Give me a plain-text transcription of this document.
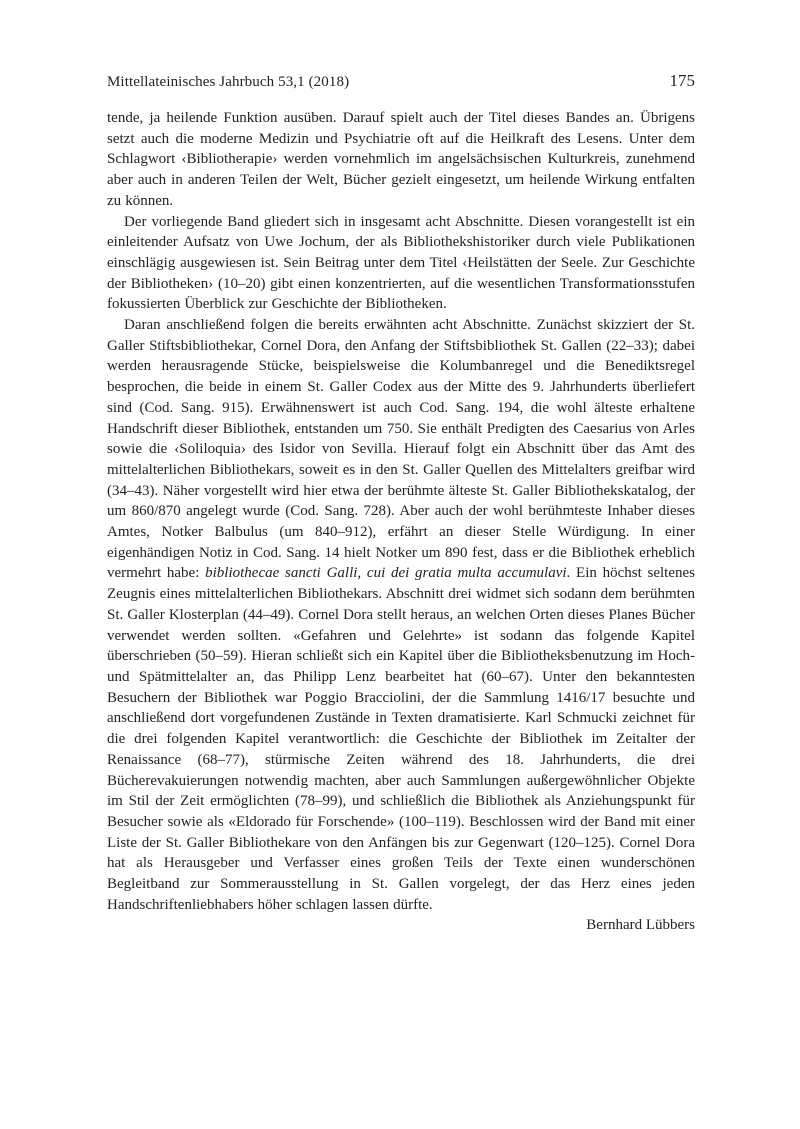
Mittellateinisches Jahrbuch 53,1 (2018)	175

tende, ja heilende Funktion ausüben. Darauf spielt auch der Titel dieses Bandes an. Übrigens setzt auch die moderne Medizin und Psychiatrie oft auf die Heilkraft des Lesens. Unter dem Schlagwort ‹Bibliotherapie› werden vornehmlich im angelsächsischen Kulturkreis, zunehmend aber auch in anderen Teilen der Welt, Bücher gezielt eingesetzt, um heilende Wirkung entfalten zu können.

Der vorliegende Band gliedert sich in insgesamt acht Abschnitte. Diesen vorangestellt ist ein einleitender Aufsatz von Uwe Jochum, der als Bibliothekshistoriker durch viele Publikationen einschlägig ausgewiesen ist. Sein Beitrag unter dem Titel ‹Heilstätten der Seele. Zur Geschichte der Bibliotheken› (10–20) gibt einen konzentrierten, auf die wesentlichen Transformationsstufen fokussierten Überblick zur Geschichte der Bibliotheken.

Daran anschließend folgen die bereits erwähnten acht Abschnitte. Zunächst skizziert der St. Galler Stiftsbibliothekar, Cornel Dora, den Anfang der Stiftsbibliothek St. Gallen (22–33); dabei werden herausragende Stücke, beispielsweise die Kolumbanregel und die Benediktsregel besprochen, die beide in einem St. Galler Codex aus der Mitte des 9. Jahrhunderts überliefert sind (Cod. Sang. 915). Erwähnenswert ist auch Cod. Sang. 194, die wohl älteste erhaltene Handschrift dieser Bibliothek, entstanden um 750. Sie enthält Predigten des Caesarius von Arles sowie die ‹Soliloquia› des Isidor von Sevilla. Hierauf folgt ein Abschnitt über das Amt des mittelalterlichen Bibliothekars, soweit es in den St. Galler Quellen des Mittelalters greifbar wird (34–43). Näher vorgestellt wird hier etwa der berühmte älteste St. Galler Bibliothekskatalog, der um 860/870 angelegt wurde (Cod. Sang. 728). Aber auch der wohl berühmteste Inhaber dieses Amtes, Notker Balbulus (um 840–912), erfährt an dieser Stelle Würdigung. In einer eigenhändigen Notiz in Cod. Sang. 14 hielt Notker um 890 fest, dass er die Bibliothek erheblich vermehrt habe: bibliothecae sancti Galli, cui dei gratia multa accumulavi. Ein höchst seltenes Zeugnis eines mittelalterlichen Bibliothekars. Abschnitt drei widmet sich sodann dem berühmten St. Galler Klosterplan (44–49). Cornel Dora stellt heraus, an welchen Orten dieses Planes Bücher verwendet werden sollten. «Gefahren und Gelehrte» ist sodann das folgende Kapitel überschrieben (50–59). Hieran schließt sich ein Kapitel über die Bibliotheksbenutzung im Hoch- und Spätmittelalter an, das Philipp Lenz bearbeitet hat (60–67). Unter den bekanntesten Besuchern der Bibliothek war Poggio Bracciolini, der die Sammlung 1416/17 besuchte und anschließend dort vorgefundenen Zustände in Texten dramatisierte. Karl Schmucki zeichnet für die drei folgenden Kapitel verantwortlich: die Geschichte der Bibliothek im Zeitalter der Renaissance (68–77), stürmische Zeiten während des 18. Jahrhunderts, die drei Bücherevakuierungen notwendig machten, aber auch Sammlungen außergewöhnlicher Objekte im Stil der Zeit ermöglichten (78–99), und schließlich die Bibliothek als Anziehungspunkt für Besucher sowie als «Eldorado für Forschende» (100–119). Beschlossen wird der Band mit einer Liste der St. Galler Bibliothekare von den Anfängen bis zur Gegenwart (120–125). Cornel Dora hat als Herausgeber und Verfasser eines großen Teils der Texte einen wunderschönen Begleitband zur Sommerausstellung in St. Gallen vorgelegt, der das Herz eines jeden Handschriftenliebhabers höher schlagen lassen dürfte.

Bernhard Lübbers
